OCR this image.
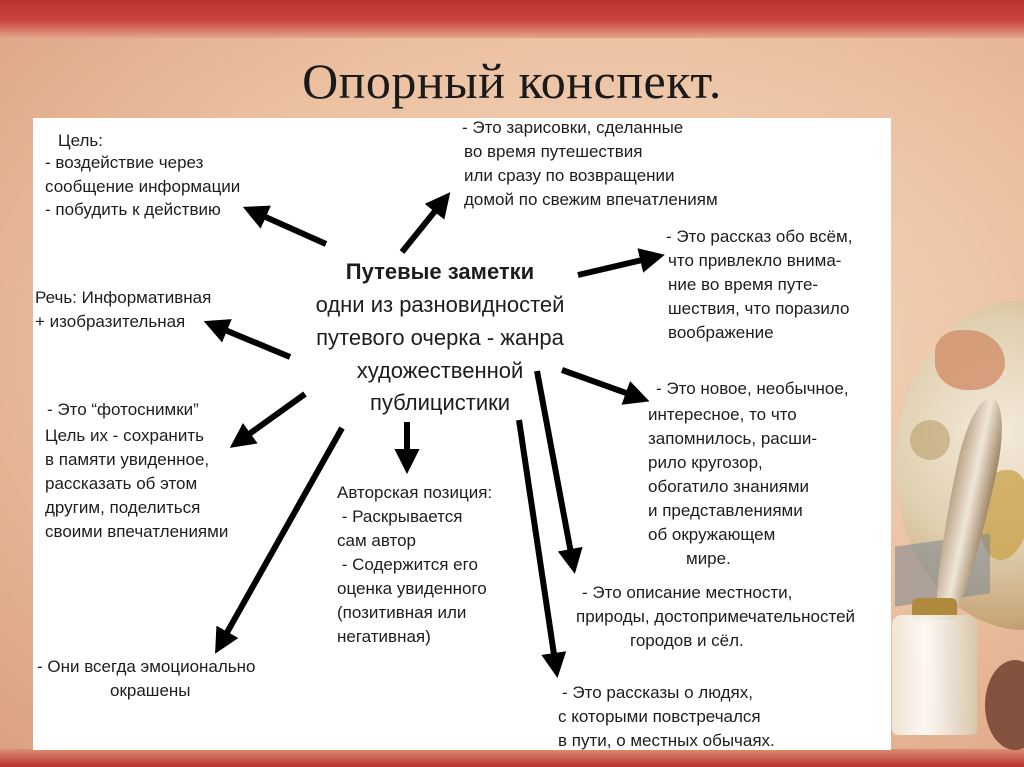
Опорный конспект.
Путевые заметки
одни из разновидностей
путевого очерка - жанра
художественной
публицистики
Цель:
- воздействие через
сообщение информации
- побудить к действию
- Это зарисовки, сделанные
во время путешествия
или сразу по возвращении
домой по свежим впечатлениям
- Это рассказ обо всём,
что привлекло внима-
ние во время путе-
шествия, что поразило
воображение
Речь: Информативная
+ изобразительная
- Это “фотоснимки”
Цель их - сохранить
в памяти увиденное,
рассказать об этом
другим, поделиться
своими впечатлениями
- Это новое, необычное,
интересное, то что
запомнилось, расши-
рило кругозор,
обогатило знаниями
и представлениями
об окружающем
мире.
Авторская позиция:
- Раскрывается
сам автор
- Содержится его
оценка увиденного
(позитивная или
негативная)
- Это описание местности,
природы, достопримечательностей
городов и сёл.
- Они всегда эмоционально
окрашены	- Это рассказы о людях,
с которыми повстречался
в пути, о местных обычаях.
